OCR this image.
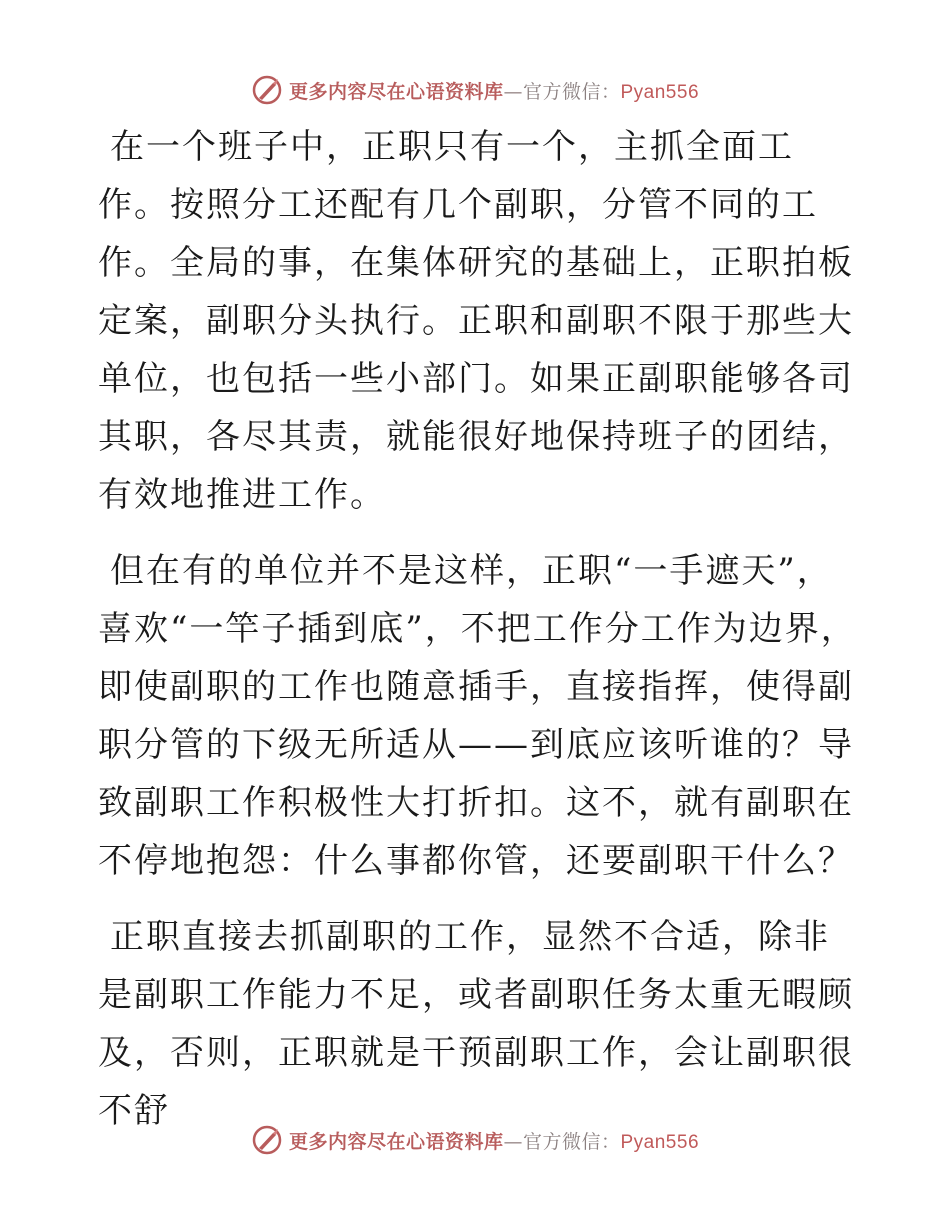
更多内容尽在心语资料库—官方微信：Pyan556

在一个班子中，正职只有一个，主抓全面工作。按照分工还配有几个副职，分管不同的工作。全局的事，在集体研究的基础上，正职拍板定案，副职分头执行。正职和副职不限于那些大单位，也包括一些小部门。如果正副职能够各司其职，各尽其责，就能很好地保持班子的团结，有效地推进工作。

但在有的单位并不是这样，正职“一手遮天”，喜欢“一竿子插到底”，不把工作分工作为边界，即使副职的工作也随意插手，直接指挥，使得副职分管的下级无所适从——到底应该听谁的？导致副职工作积极性大打折扣。这不，就有副职在不停地抱怨：什么事都你管，还要副职干什么？

正职直接去抓副职的工作，显然不合适，除非是副职工作能力不足，或者副职任务太重无暇顾及，否则，正职就是干预副职工作，会让副职很不舒

更多内容尽在心语资料库—官方微信：Pyan556
